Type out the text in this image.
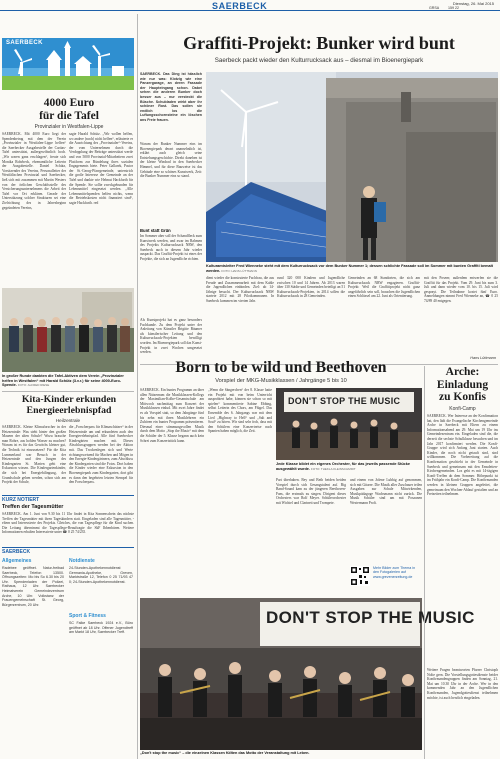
SAERBECK	Dienstag, 26. Mai 2015
GRSA 159 22
SAERBECK
4000 Euro
für die Tafel
Provinzialer in Westfalen-Lippe
SAERBECK. Mit 4000 Euro liegt der Spendenbetrag mit dem der Verein „Provinzialer in Westfalen-Lippe helfen“ die Saerbecker Ausgabestelle der Caritas-Tafel unterstützt, außergewöhnlich hoch. „Wir waren ganz erschlagen“, freute sich Monika Rohrbeck, ehrenamtliche Leiterin der Ausgabestelle. Daniel Schütz, Vorsitzender des Vereins, Personalleiter der Westfälischen Provinzial und Saerbecker, ließ sich mit zusammen mit Martin Westers von der örtlichen Geschäftsstelle des Versicherungsunternehmens die Arbeit der Tafel vor Ort erklären. Gerade der Unterstützung solcher Strukturen sei eine Zielrichtung des in Jahresbeginn gegründeten Vereins,
sagte Harald Schütz. „Wir wollen helfen, wo andere (noch) nicht helfen“, erläuterte er die Ausrichtung des „Provinzialer“-Vereins, der vom Unternehmen durch die Verdopplung der Beiträge unterstützt werde und von 5000 Provinzial-Mitarbeitern zwei Plattform zur Bündelung ihres sozialen Engagements biete. Peter Gallarek, Pastor der St.-Georg-Pfarrgemeinde, unterstrich die große Interesse der Gemeinde an der Tafel und dankte wie Helmut Hackfurth für die Spende. Sie sollte zweckgebunden für Lebensmittel eingesetzt werden. „Alle Lebensmittelspenden helfen nichts, wenn die Betriebskosten nicht finanziert sind“, sagte Hackfurth. red
In großer Runde dankten die Tafel-Aktiven dem Verein „Provinzialer helfen in Westfalen“ mit Harald Schütz (3.v.r.) für seine 4000-Euro-Spende. FOTO: ALFRED RIESE
Kita-Kinder erkunden
Energieerlebnispfad
Heilzentrale
SAERBECK. Kleine Klimaforscher in der Heizzentrale: Was steht hinter den großen Mauern der alten Schule? Wozu brauche man Rohre, aus hohlen Wasser zu machen? Warum ist es für das Gewächs kleiner gut, die Technik ist einzusetzen? Für die Kita Lummerland war Besuch in der Heizzentrale und den Jungen des Kindergarten St. Marien geht eine Exkursion wissen. Die Kindergartenkinder, die sich bei Energiebilingung, der Grundschule gehen werden, schon sich am Projekt der Schule,
die „Forscherpass für Klimaschützer“ in der Heizzentrale um und erkundeten auch den Energieerlebnispfad. Alle fünf Saerbecker Kindergärten machen mit. Dieses Abschlussgruppen werden bei der Aktion mit. Das Trockenlegen sich und Werte richtungsweisend für Machen und Mögen in den Energie-Kindergärtnern, zum Abschluss der Kindergarten sind die Fotos. Dort haben die Kinder wieder eine Exkursion in den Bioenergiepark zum Kindergarten, dort gibt es dann den begehrten letzten Stempel für den Forscherpass.
KURZ NOTIERT
Treffen der Tagesmütter
SAERBECK. Am 1. Juni von 9.30 bis 11 Uhr findet in Kita Sonnenschein das nächste Treffen der Tagesmütter mit ihren Tageskindern statt. Eingeladen sind alle Tagesmütter, -eltern und Interessierte des Projekts. Gleiches, die von Tagespflege für die Kind suchen. Die Leitung übernimmt die Tagespflege-Beauftragte die SkF Ibbenbüren. Weitere Informationen erhalten Interessierte unter ☎ 0 25 74/235.
SAERBECK
Allgemeines
Radebee geöffnet. Natur-freibad Saerbeck, Telefon 13500. Öffnungszeiten: Mo bis So 6.30 bis 20 Uhr. Spendenladen der Polizei, Rathaus, 12 Uhr. Saerbecker Heimatverein Gemeindezentrum Arche, 10 Uhr. Volkstanz der Frauengemeinschaft St. Georg, Bürgerzentrum, 20 Uhr.
Notdienste
24-Stunden-Apothekennotdienst Germania-Apotheke, Greven, Marktstraße 12, Telefon 0 25 71/93 47 0; 24-Stunden-Apothekennotdienst.
Sport & Fitness
SC Falke Saerbeck 1924 e.V., Büro geöffnet ab 18 Uhr. Offener Jugendtreff am Markt 18 Uhr, Saerbecker Treff.
Graffiti-Projekt: Bunker wird bunt
Saerbeck packt wieder den Kulturrucksack aus – diesmal im Bioenergiepark
SAERBECK. Das Ding ist hässlich wie nur was: Klotzig wie eine Panzergarage, an deren Fassade der Haupteingang schon. Dabei sehen die anderen Bunker doch besser aus – nur versteckt die Büsche. Schubladen wirkt aber ihr schöner Rost. Das sollen sie endlich los die Luftungsschornsteine ein löschen ans Freie frauen.
Warum der Bunker Nummer eins im Bioenergiepark derart unansehnlich ist, erklärt auch gleich seine Entstehungsgeschichte. Direkt daneben ist der kleine Windrad in den Saerbecker Himmel, und für diese Bauweise ist das Gebäude eine so schönes Kunstwerk, Zeit: die Bunker Nummer eins so stand.
Bunt statt Grün
Im Sommer aber soll der Schandfleck zum Kunstwerk werden, und zwar im Rahmen des Projekts Kulturrucksack NRW, den Saerbeck auch in diesem Jahr wieder auspackt. Das Graffiti-Projekt ist eines der Projekte, die sich an Jugendliche richten.
Kulturamtsleiter Fred Wienneke steht mit dem Kulturrucksack vor dem Bunker Nummer 1; dessen schlichte Fassade soll im Sommer mit bunten Graffiti bemalt werden. FOTO: HANS LÜTTMANN
Als Kunstprojekt hat es ganz besonders Fachkunde. Zu dem Projekt unter der Anleitung von Künstler Brigitte Bäumer als künstlerischer Leitung und den Kulturrucksack-Projekten bewilligt worden. Im Bioenergiepark soll das Kunst-Projekt in zwei Wochen umgesetzt werden.
dient wieder die konstruierte Fachfrau, die aus Freude und Zusammenarbeit mit dem Kahle die Jugendlichen einbinden. Ziel: ab 14-Jährige besucht. Der Kulturrucksack NRW startete 2012 mit 28 Pilotkommunen. In Saerbeck kommen im vierten Jahr.
rund 320 000 Kindern und Jugendliche zwischen 10 und 14 Jahren. Ab 2013 waren über 130 Städte und Gemeinden beteiligt an 51 Kulturrucksack-Projekten, in 2014 sollen die Kulturrucksack in 28 Gemeinden.
Gemeinden an 68 Standorten, die sich am Kulturrucksack NRW engagieren. Graffiti-Projekt: Weil die Graffitiprojekt nicht ganz ungefährlich sein soll, brauchen die Jugendlichen einen Schlüssel am 22. Juni als Orientierung.
mit den Posern; außerdem entwerfen sie die Graffiti für das Projekt. Vom 29. Juni bis zum 3. Juli und dann wieder vom 10. bis 15. Juli wird gesprayt. Die Teilnahme kostet fünf Euro. Anmeldungen nimmt Fred Wienneke an, ☎ 0 25 74/89 40 entgegen.
Hans Lüttmann
Born to be wild und Beethoven
Vorspiel der MKG-Musikklassen / Jahrgänge 5 bis 10
SAERBECK. Ein buntes Programm an über allen Nützernam die Musikklassen-Kollegs der Maximilian-Kolbe-Gesamtschule am Mittwoch nachmittag zum Konzert der Musikklassen einlud. Mit zwei Jahre findet es als Vorspiel statt, so dem Jahrgänge fünf bis zehn mit ihren Musiklehrern ein Zuhören ein buntes Programm präsentieren. Diesmal einer stimmungsvollen Musik durch dem Motto „Stop the Music“ mit dem die Schüler der 5. Klasse begann auch kein Schrei zum Konzertstück kann.
„Wenn die Sängerchen“ der 8. Klasse hatte ein Projekt mit von beim Unterricht ausprobiert habe, können sie schon so mit spielen“ kommentierte Sabine Ebbing, selbst Leiterin des Chors, am Flügel. Das Ensemble des 6. Jahrgangs war mit dem Lied „Highway to Hell“ und „Salt and Soul“ zu hören. Wir sind sehr froh, dass mit den Schülern eine Konzertreise nach Spanien haben möglich, die Zeit.
DON'T STOP THE MUSIC
Jede Klasse bildet ein eigenes Orchester, für das jeweils passende Stücke ausgewählt wurde. FOTO: THEKLA KLEINSCHMIDT
Part überhaben. Bey und Beth beiden beiden Vorspiel durch sich Gesangstalent auf. Big Band-Sound kam zu der jüngeren Beethoven-Fans, die erstmals zu singen. Dirigent dieses Orchesters war Rolf Meyer. Schülerorchester mit Wichtel und Clarinett und Trompete.
und einem von Jolene Lubbig auf genommen, sich mit Gitarre. Die Musik aller Zuschauer teilen Ausgaben zur Schule Mitwirkenden, Musikpädagoge Wachsmann nicht zurück. Die Musik Schüler sind am mit Posaunen Westermann Profi.
Mehr Bilder zum Thema in den Fotogalerien auf www.grevenerzeitung.de
DON'T STOP THE MUSIC
„Don't stop the music“ – die einzelnen Klassen füllten das Motto der Veranstaltung mit Leben.
Arche:
Einladung
zu Konfis
Konfi-Camp
SAERBECK. Wer Interesse an der Konfirmation hat, den lädt die Evangelische Kirchengemeinde Arche in Saerbeck mit Eltern zu einem Informationsabend am 29. Mai um 19 Uhr ins Gemeindezentrum ein. Eingeladen sind die, die derzeit die sechste Schulklasse besuchen und im Jahr 2017 konfirmiert werden. Die Konfi-Gruppe wird sich Anfang Juni starten. Auch Kinder, die noch nicht getauft sind, sind willkommen. Die Vorbereitung auf die Konfirmation geschieht in der Gemeinde in Saerbeck und gemeinsam mit den Emsdetten-Kirchengemeinden. Los geht es mit 14-tägigen Konfi-Treffen ab dem Sommer. Höhepunkt ist im Frühjahr ein Konfi-Camp. Die Konfirmanden werden in kleinen Gruppen angeleitet, die gemeinsam den Wochen-Ablauf gestalten und an Freizeiten teilnehmen.
Weitere Fragen beantworten Pfarrer Christoph Nolte gern. Die Vorstellungsgottesdienste beider Konfirmandengruppen finden am Sonntag, 21. Mai um 10.30 Uhr in der Arche. Wer in den kommenden Jahr an den Jugendlichen Konfirmanden, Jugendgottesdienst teilnehmen möchte, ist auch herzlich eingeladen.
